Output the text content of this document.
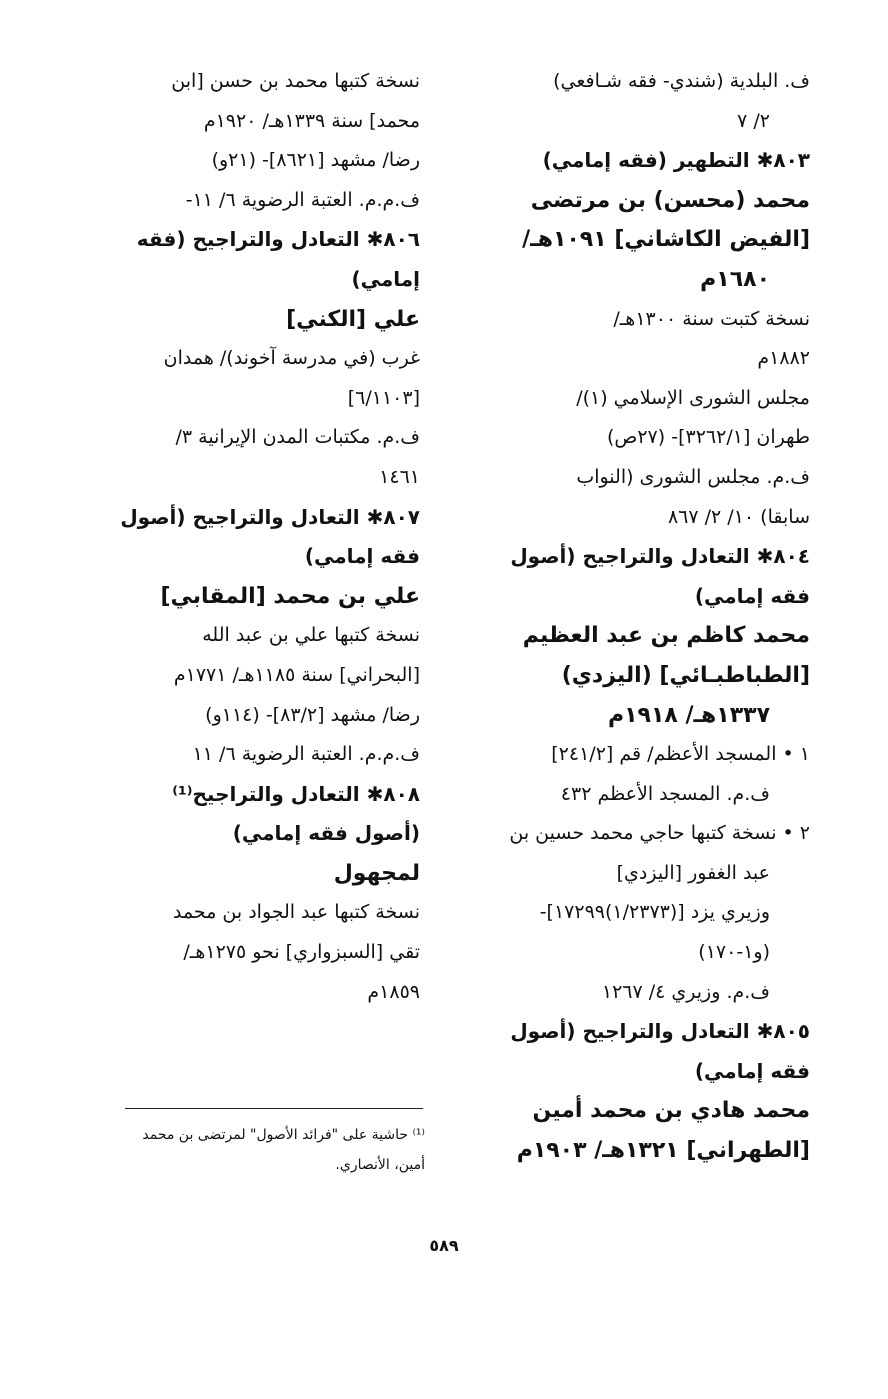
ف. البلدية (شندي- فقه شـافعي)
٢/ ٧
٨٠٣✱ التطهير (فقه إمامي)
محمد (محسن) بن مرتضى
[الفيض الكاشاني] ١٠٩١هـ/
١٦٨٠م
نسخة كتبت سنة ١٣٠٠هـ/
١٨٨٢م
مجلس الشورى الإسلامي (١)/
طهران [٣٢٦٢/١]- (٢٧ص)
ف.م. مجلس الشورى (النواب
سابقا) ١٠/ ٢/ ٨٦٧
٨٠٤✱ التعادل والتراجيح (أصول
فقه إمامي)
محمد كاظم بن عبد العظيم
[الطباطبـائي] (اليزدي)
١٣٣٧هـ/ ١٩١٨م
١ • المسجد الأعظم/ قم [٢٤١/٢]
ف.م. المسجد الأعظم ٤٣٢
٢ • نسخة كتبها حاجي محمد حسين بن
عبد الغفور [اليزدي]
وزيري يزد [(١/٢٣٧٣)١٧٢٩٩]-
(و١-١٧٠)
ف.م. وزيري ٤/ ١٢٦٧
٨٠٥✱ التعادل والتراجيح (أصول
فقه إمامي)
محمد هادي بن محمد أمين
[الطهراني] ١٣٢١هـ/ ١٩٠٣م
نسخة كتبها محمد بن حسن [ابن
محمد] سنة ١٣٣٩هـ/ ١٩٢٠م
رضا/ مشهد [٨٦٢١]- (٢١و)
ف.م.م. العتبة الرضوية ٦/ ١١-
٨٠٦✱ التعادل والتراجيح (فقه
إمامي)
علي [الكني]
غرب (في مدرسة آخوند)/ همدان
[٦/١١٠٣]
ف.م. مكتبات المدن الإيرانية ٣/
١٤٦١
٨٠٧✱ التعادل والتراجيح (أصول
فقه إمامي)
علي بن محمد [المقابي]
نسخة كتبها علي بن عبد الله
[البحراني] سنة ١١٨٥هـ/ ١٧٧١م
رضا/ مشهد [٨٣/٢]- (١١٤و)
ف.م.م. العتبة الرضوية ٦/ ١١
٨٠٨✱ التعادل والتراجيح⁽¹⁾
(أصول فقه إمامي)
لمجهول
نسخة كتبها عبد الجواد بن محمد
تقي [السبزواري] نحو ١٢٧٥هـ/
١٨٥٩م
⁽¹⁾ حاشية على "فرائد الأصول" لمرتضى بن محمد
أمين، الأنصاري.
٥٨٩
